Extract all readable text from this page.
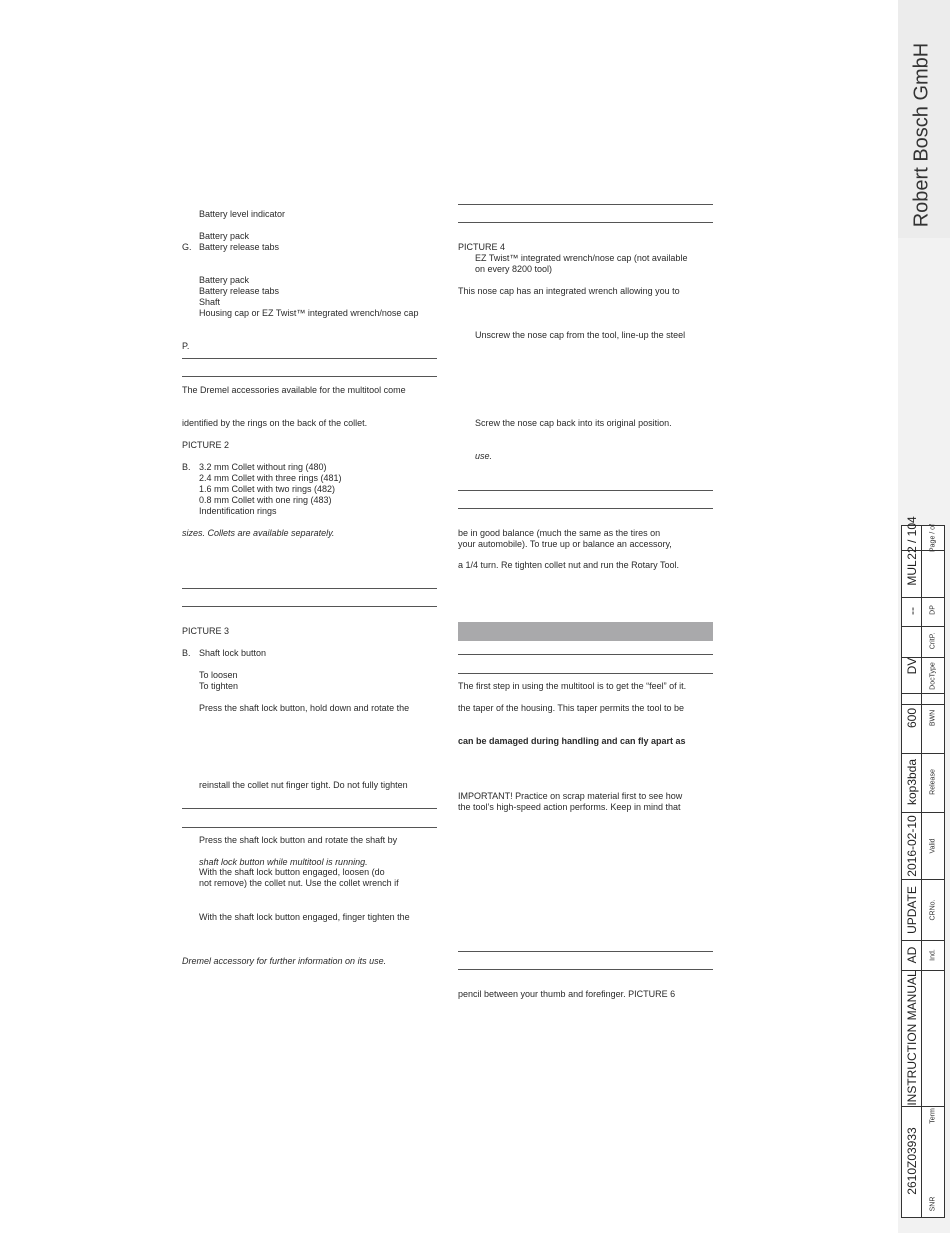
Robert Bosch GmbH
22 / 104 Page / of
MUL
DP
--
CritP.
DV DocType
600 BWN
kop3bda Release
2016-02-10 Valid
UPDATE CRNo.
AD Ind.
INSTRUCTION MANUAL
Term
2610Z03933
SNR
Battery level indicator
Battery pack
G. Battery release tabs
Battery pack
Battery release tabs
Shaft
Housing cap or EZ Twist™ integrated wrench/nose cap
P.
The Dremel accessories available for the multitool come
identified by the rings on the back of the collet.
PICTURE 2
B. 3.2 mm Collet without ring (480)
2.4 mm Collet with three rings (481)
1.6 mm Collet with two rings (482)
0.8 mm Collet with one ring (483)
Indentification rings
sizes. Collets are available separately.
PICTURE 3
B. Shaft lock button
To loosen
To tighten
Press the shaft lock button, hold down and rotate the
reinstall the collet nut finger tight. Do not fully tighten
Press the shaft lock button and rotate the shaft by
shaft lock button while multitool is running.
With the shaft lock button engaged, loosen (do
not remove) the collet nut. Use the collet wrench if
With the shaft lock button engaged, finger tighten the
Dremel accessory for further information on its use.
PICTURE 4
EZ Twist™ integrated wrench/nose cap (not available
on every 8200 tool)
This nose cap has an integrated wrench allowing you to
Unscrew the nose cap from the tool, line-up the steel
Screw the nose cap back into its original position.
use.
be in good balance (much the same as the tires on
your automobile). To true up or balance an accessory,
a 1/4 turn. Re tighten collet nut and run the Rotary Tool.
The first step in using the multitool is to get the “feel” of it.
the taper of the housing. This taper permits the tool to be
can be damaged during handling and can fly apart as
IMPORTANT! Practice on scrap material first to see how
the tool’s high-speed action performs. Keep in mind that
pencil between your thumb and forefinger. PICTURE 6
